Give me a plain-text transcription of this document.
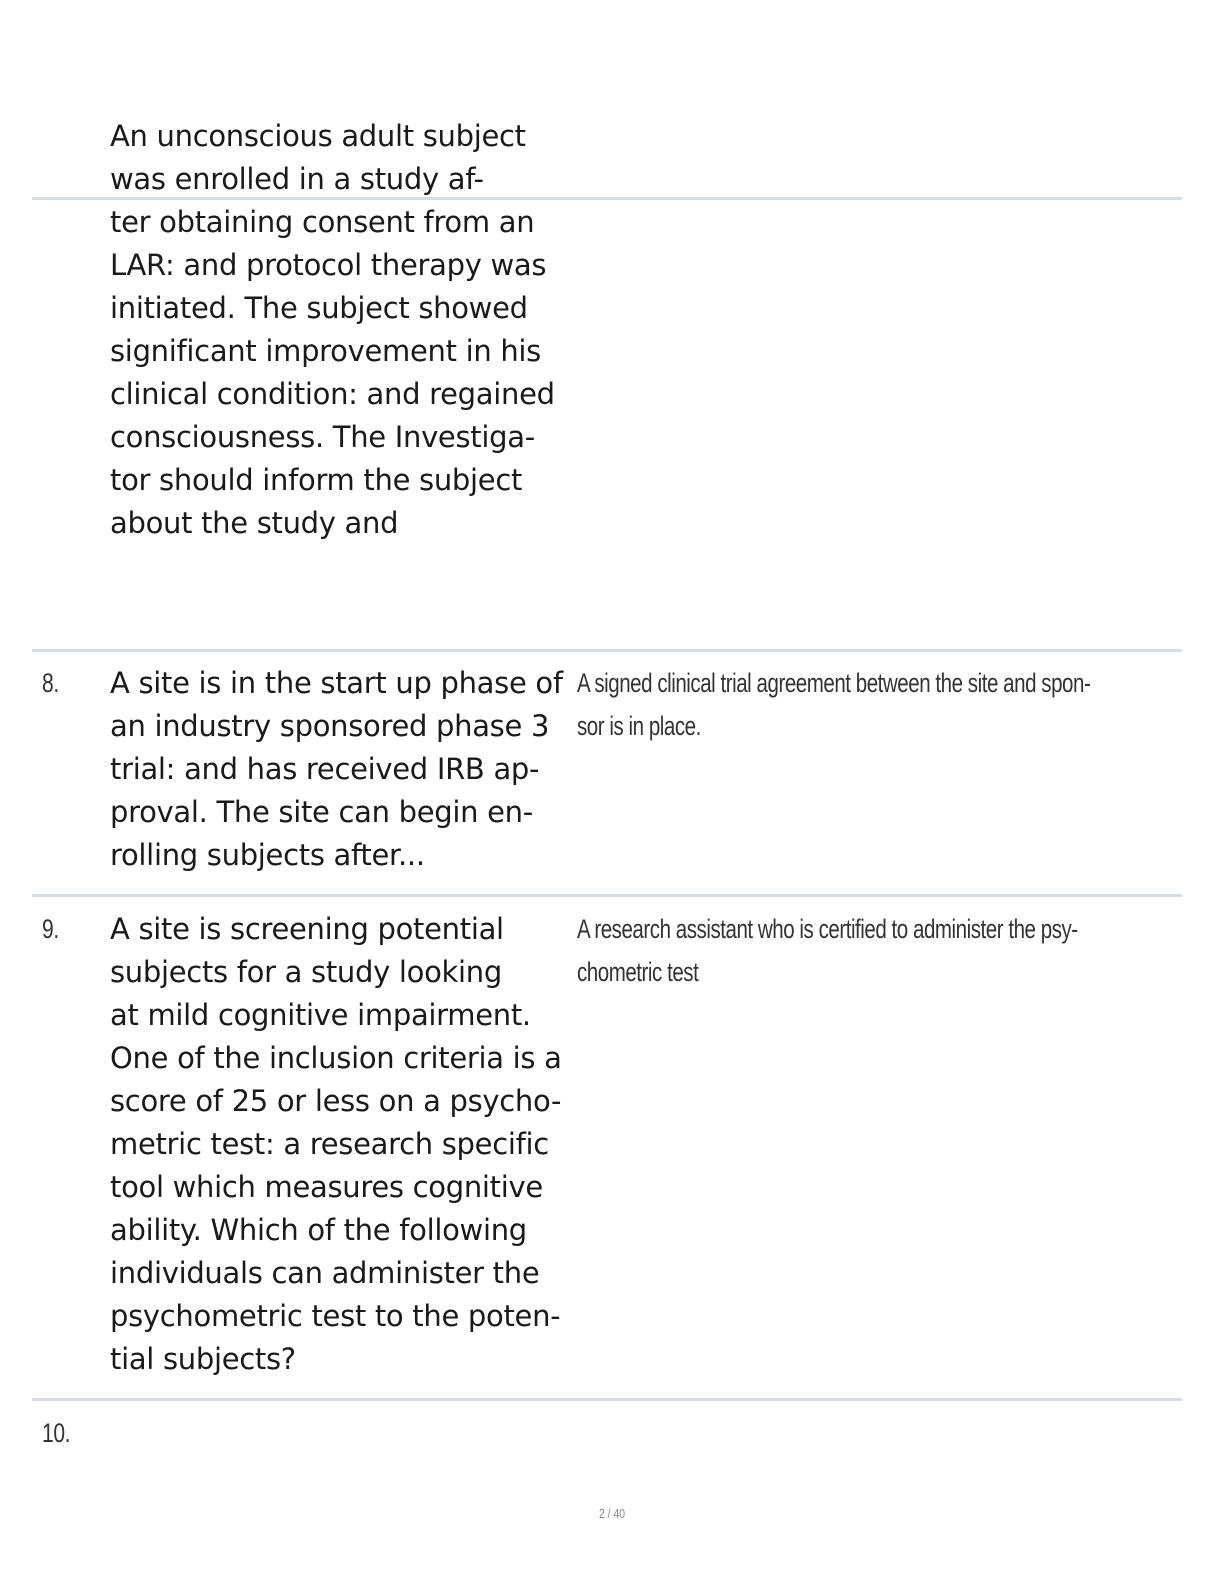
An unconscious adult subject
was enrolled in a study af-
ter obtaining consent from an
LAR: and protocol therapy was
initiated. The subject showed
significant improvement in his
clinical condition: and regained
consciousness. The Investiga-
tor should inform the subject
about the study and
8. A site is in the start up phase of
an industry sponsored phase 3
trial: and has received IRB ap-
proval. The site can begin en-
rolling subjects after...
A signed clinical trial agreement between the site and spon-
sor is in place.
9. A site is screening potential
subjects for a study looking
at mild cognitive impairment.
One of the inclusion criteria is a
score of 25 or less on a psycho-
metric test: a research specific
tool which measures cognitive
ability. Which of the following
individuals can administer the
psychometric test to the poten-
tial subjects?
A research assistant who is certified to administer the psy-
chometric test
10.
2 / 40
